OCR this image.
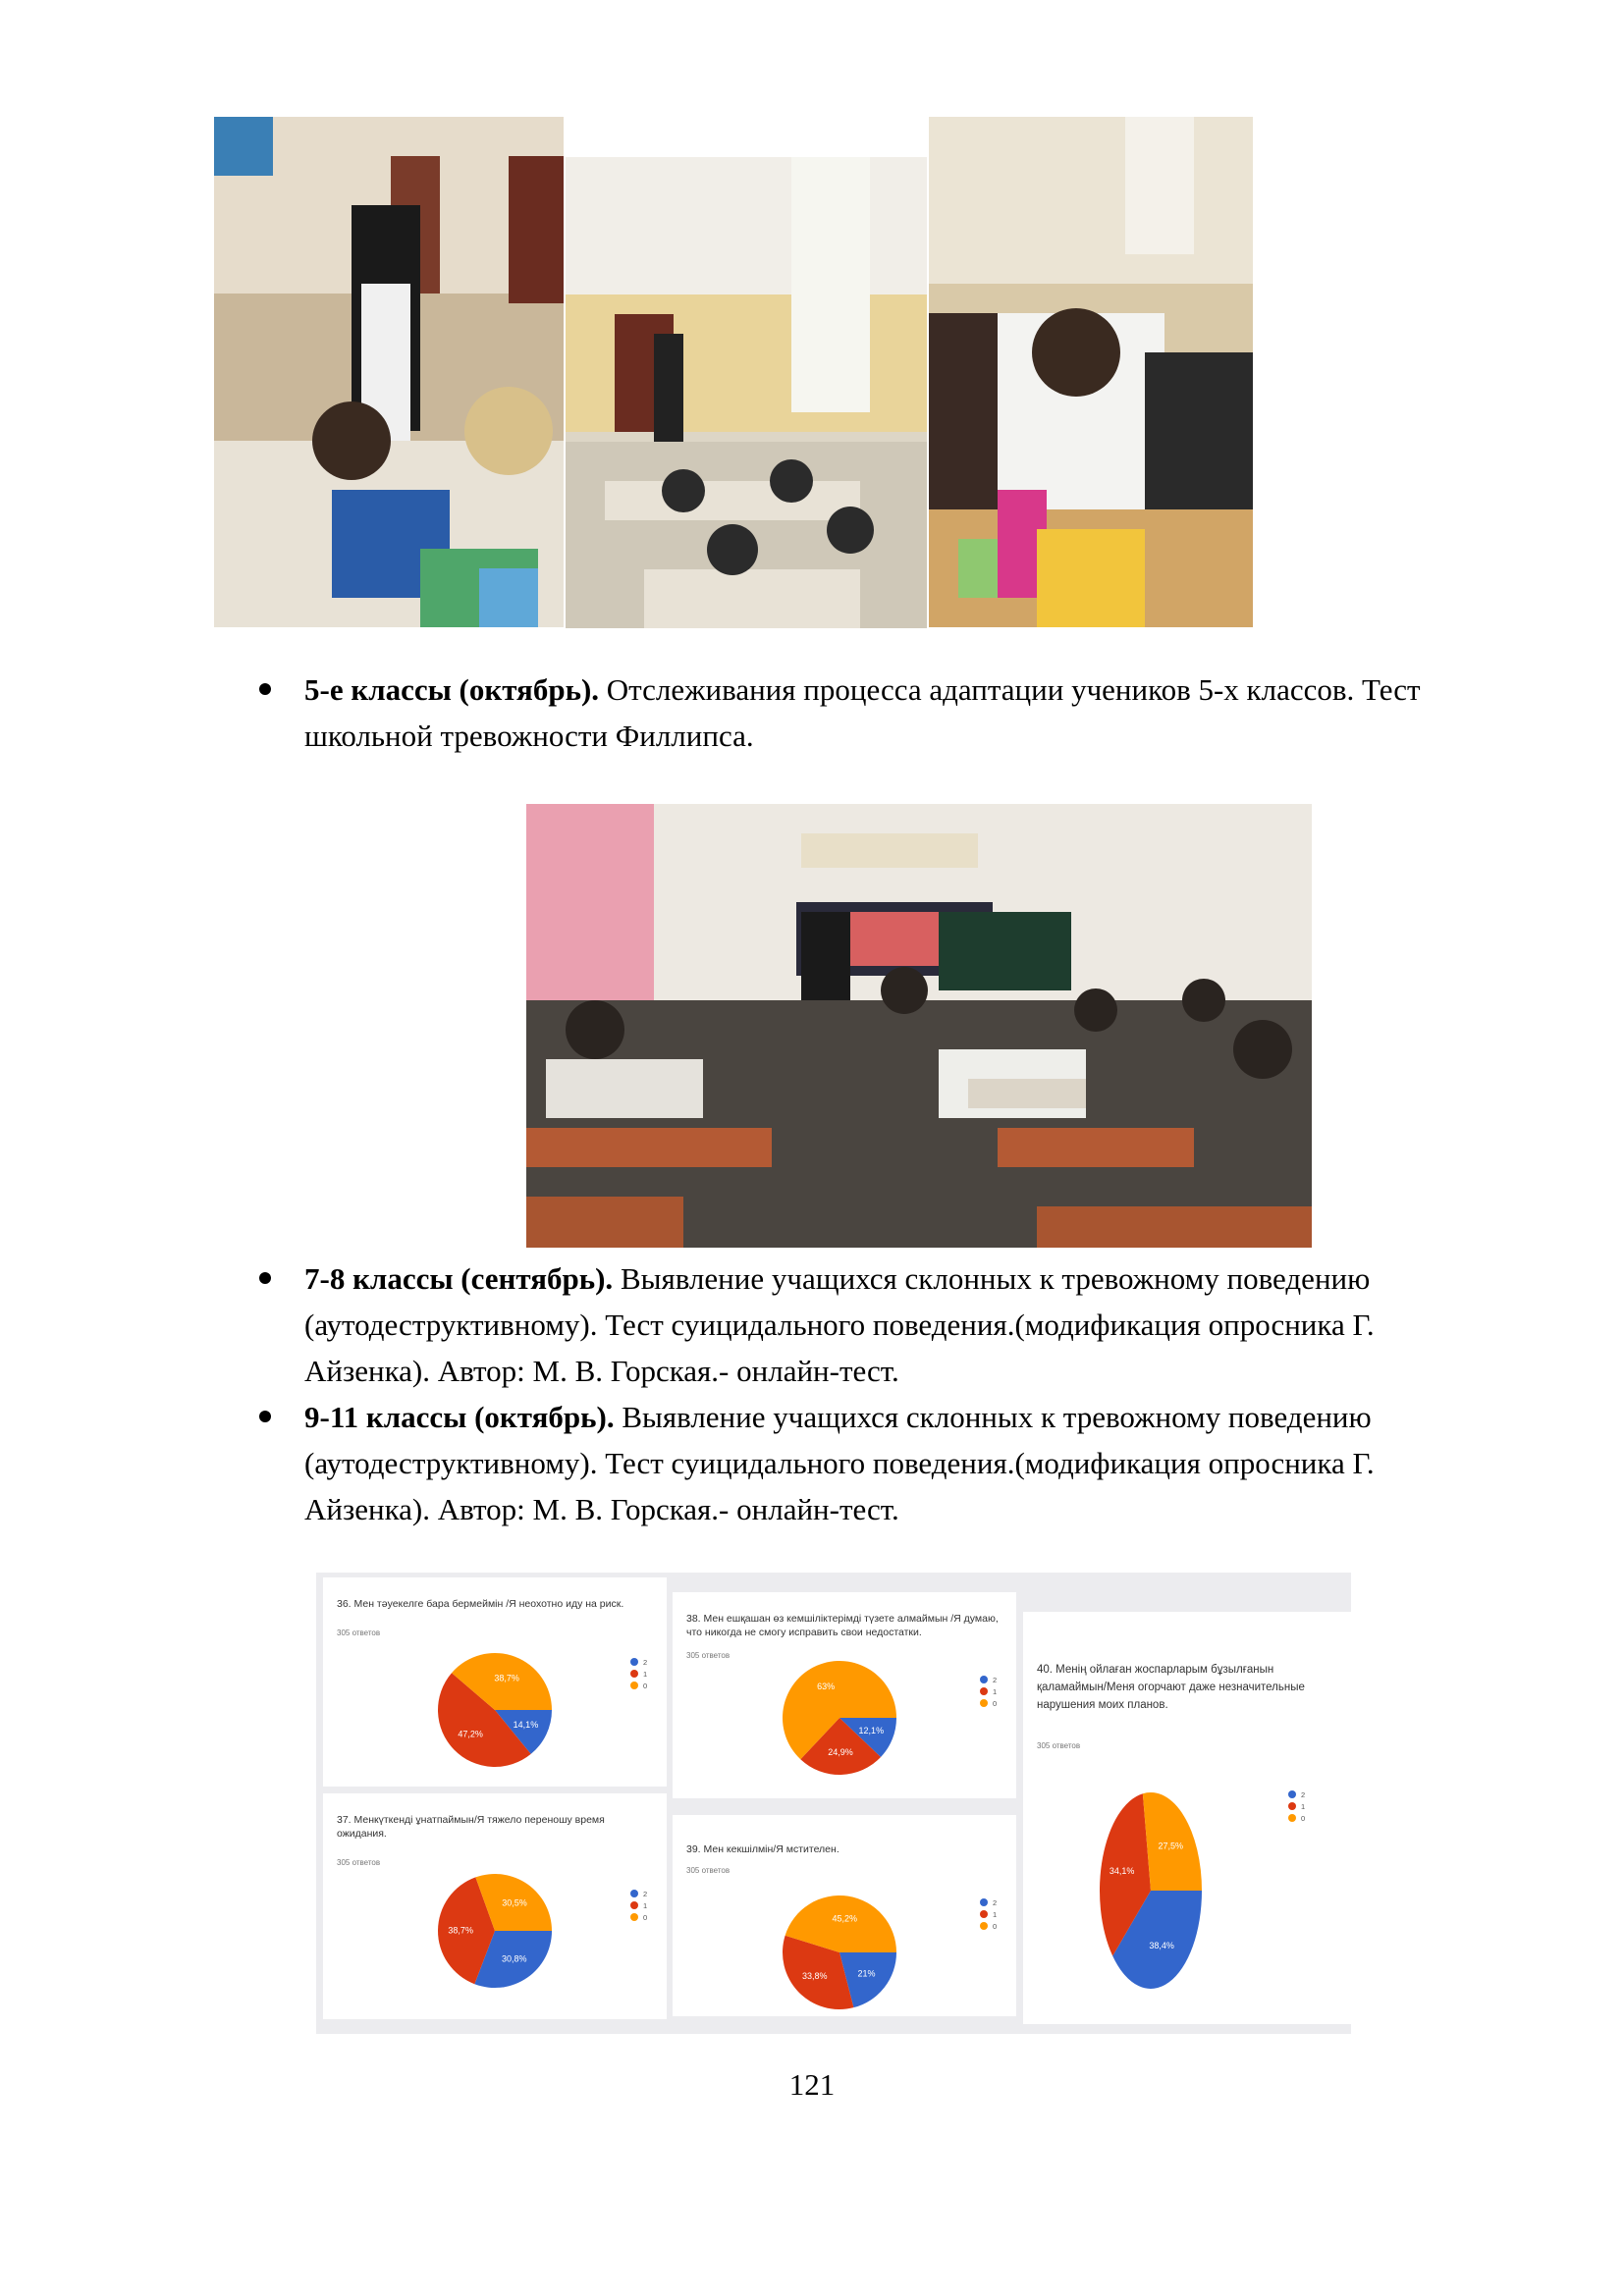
5-е классы (октябрь). Отслеживания процесса адаптации учеников 5-х классов. Тест
школьной тревожности Филлипса.
7-8 классы (сентябрь). Выявление учащихся склонных к тревожному поведению
(аутодеструктивному). Тест суицидального поведения.(модификация опросника Г.
Айзенка). Автор: М. В. Горская.- онлайн-тест.
9-11 классы (октябрь). Выявление учащихся склонных к тревожному поведению
(аутодеструктивному). Тест суицидального поведения.(модификация опросника Г.
Айзенка). Автор: М. В. Горская.- онлайн-тест.
36. Мен тәуекелге бара бермеймін /Я неохотно иду на риск.
305 ответов
14,1%
47,2%
38,7%
2
1
0
37. Менкүткенді ұнатпаймын/Я тяжело переношу время ожидания.
305 ответов
30,8%
38,7%
30,5%
2
1
0
38. Мен ешқашан өз кемшіліктерімді түзете алмаймын /Я думаю, что никогда не смогу исправить свои недостатки.
305 ответов
12,1%
24,9%
63%
2
1
0
39. Мен кекшілмін/Я мстителен.
305 ответов
21%
33,8%
45,2%
2
1
0
40. Менің ойлаған жоспарларым бұзылғанын қаламаймын/Меня огорчают даже незначительные нарушения моих планов.
305 ответов
38,4%
34,1%
27,5%
2
1
0
121
